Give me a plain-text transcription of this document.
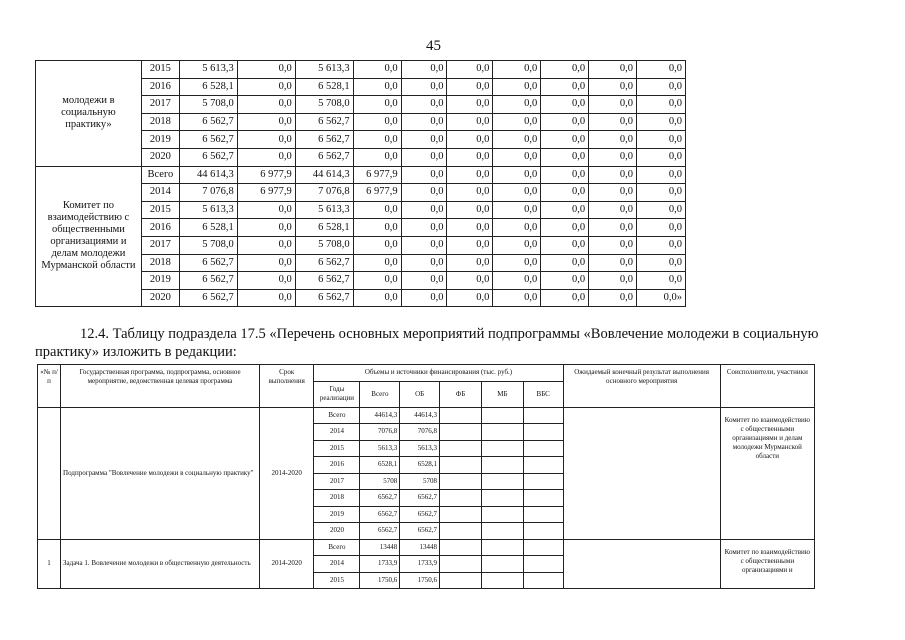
45
молодежи в социальную практику»	2015	5 613,3	0,0	5 613,3	0,0	0,0	0,0	0,0	0,0	0,0	0,0
	2016	6 528,1	0,0	6 528,1	0,0	0,0	0,0	0,0	0,0	0,0	0,0
	2017	5 708,0	0,0	5 708,0	0,0	0,0	0,0	0,0	0,0	0,0	0,0
	2018	6 562,7	0,0	6 562,7	0,0	0,0	0,0	0,0	0,0	0,0	0,0
	2019	6 562,7	0,0	6 562,7	0,0	0,0	0,0	0,0	0,0	0,0	0,0
	2020	6 562,7	0,0	6 562,7	0,0	0,0	0,0	0,0	0,0	0,0	0,0
Комитет по взаимодействию с общественными организациями и делам молодежи Мурманской области	Всего	44 614,3	6 977,9	44 614,3	6 977,9	0,0	0,0	0,0	0,0	0,0	0,0
	2014	7 076,8	6 977,9	7 076,8	6 977,9	0,0	0,0	0,0	0,0	0,0	0,0
	2015	5 613,3	0,0	5 613,3	0,0	0,0	0,0	0,0	0,0	0,0	0,0
	2016	6 528,1	0,0	6 528,1	0,0	0,0	0,0	0,0	0,0	0,0	0,0
	2017	5 708,0	0,0	5 708,0	0,0	0,0	0,0	0,0	0,0	0,0	0,0
	2018	6 562,7	0,0	6 562,7	0,0	0,0	0,0	0,0	0,0	0,0	0,0
	2019	6 562,7	0,0	6 562,7	0,0	0,0	0,0	0,0	0,0	0,0	0,0
	2020	6 562,7	0,0	6 562,7	0,0	0,0	0,0	0,0	0,0	0,0	0,0»
12.4. Таблицу подраздела 17.5 «Перечень основных мероприятий подпрограммы «Вовлечение молодежи в социальную практику» изложить в редакции:
«№ п/п	Государственная программа, подпрограмма, основное мероприятие, ведомственная целевая программа	Срок выполнения	Объемы и источники финансирования (тыс. руб.)						Ожидаемый конечный результат выполнения основного мероприятия	Соисполнители, участники
			Годы реализации	Всего	ОБ	ФБ	МБ	ВБС		
	Подпрограмма "Вовлечение молодежи в социальную практику"	2014-2020	Всего	44614,3	44614,3					Комитет по взаимодействию с общественными организациями и делам молодежи Мурманской области
			2014	7076,8	7076,8					
			2015	5613,3	5613,3					
			2016	6528,1	6528,1					
			2017	5708	5708					
			2018	6562,7	6562,7					
			2019	6562,7	6562,7					
			2020	6562,7	6562,7					
1	Задача 1. Вовлечение молодежи в общественную деятельность	2014-2020	Всего	13448	13448					Комитет по взаимодействию с общественными организациями и
			2014	1733,9	1733,9					
			2015	1750,6	1750,6					
